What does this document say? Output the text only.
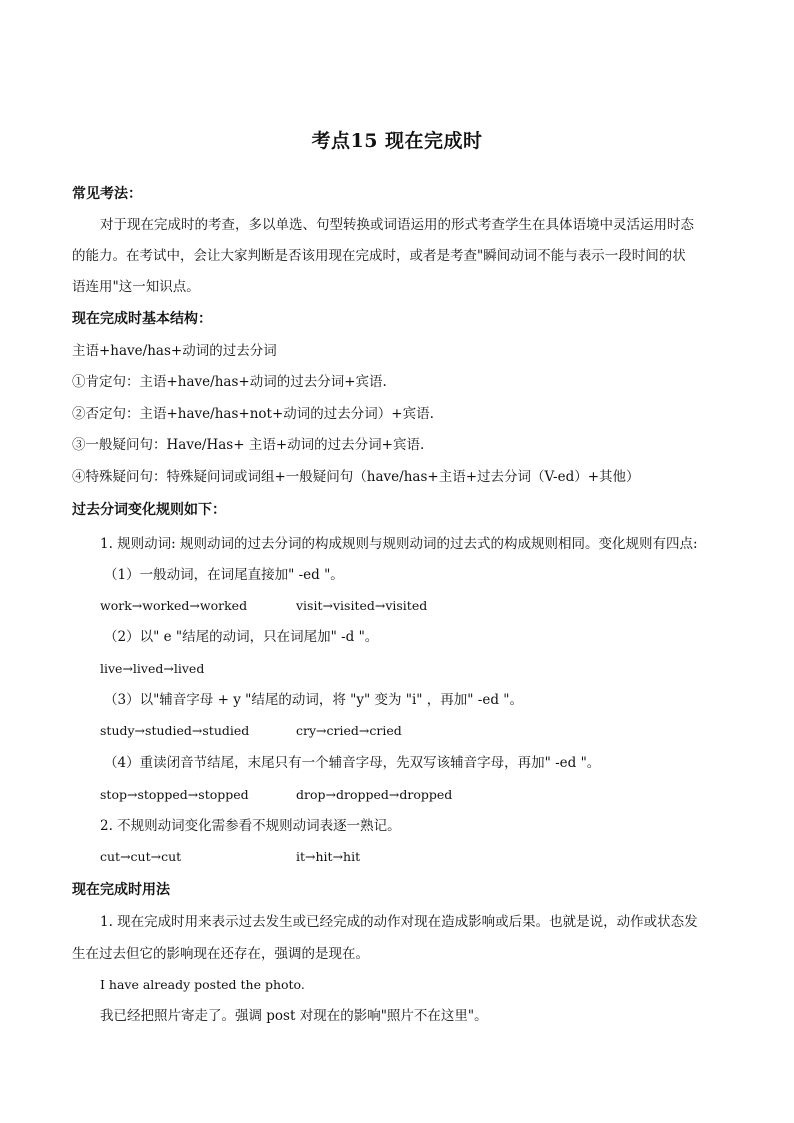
考点15 现在完成时
常见考法：
对于现在完成时的考查，多以单选、句型转换或词语运用的形式考查学生在具体语境中灵活运用时态
的能力。在考试中，会让大家判断是否该用现在完成时，或者是考查"瞬间动词不能与表示一段时间的状
语连用"这一知识点。
现在完成时基本结构：
主语+have/has+动词的过去分词
①肯定句：主语+have/has+动词的过去分词+宾语.
②否定句：主语+have/has+not+动词的过去分词）+宾语.
③一般疑问句：Have/Has+ 主语+动词的过去分词+宾语.
④特殊疑问句：特殊疑问词或词组+一般疑问句（have/has+主语+过去分词（V-ed）+其他）
过去分词变化规则如下：
1. 规则动词: 规则动词的过去分词的构成规则与规则动词的过去式的构成规则相同。变化规则有四点:
（1）一般动词，在词尾直接加" -ed "。
work→worked→worked	visit→visited→visited
（2）以" e "结尾的动词，只在词尾加" -d "。
live→lived→lived
（3）以"辅音字母 + y "结尾的动词，将 "y" 变为 "i" ，再加" -ed "。
study→studied→studied	cry→cried→cried
（4）重读闭音节结尾，末尾只有一个辅音字母，先双写该辅音字母，再加" -ed "。
stop→stopped→stopped	drop→dropped→dropped
2. 不规则动词变化需参看不规则动词表逐一熟记。
cut→cut→cut	it→hit→hit
现在完成时用法
1. 现在完成时用来表示过去发生或已经完成的动作对现在造成影响或后果。也就是说，动作或状态发
生在过去但它的影响现在还存在，强调的是现在。
I have already posted the photo.
我已经把照片寄走了。强调 post 对现在的影响"照片不在这里"。
